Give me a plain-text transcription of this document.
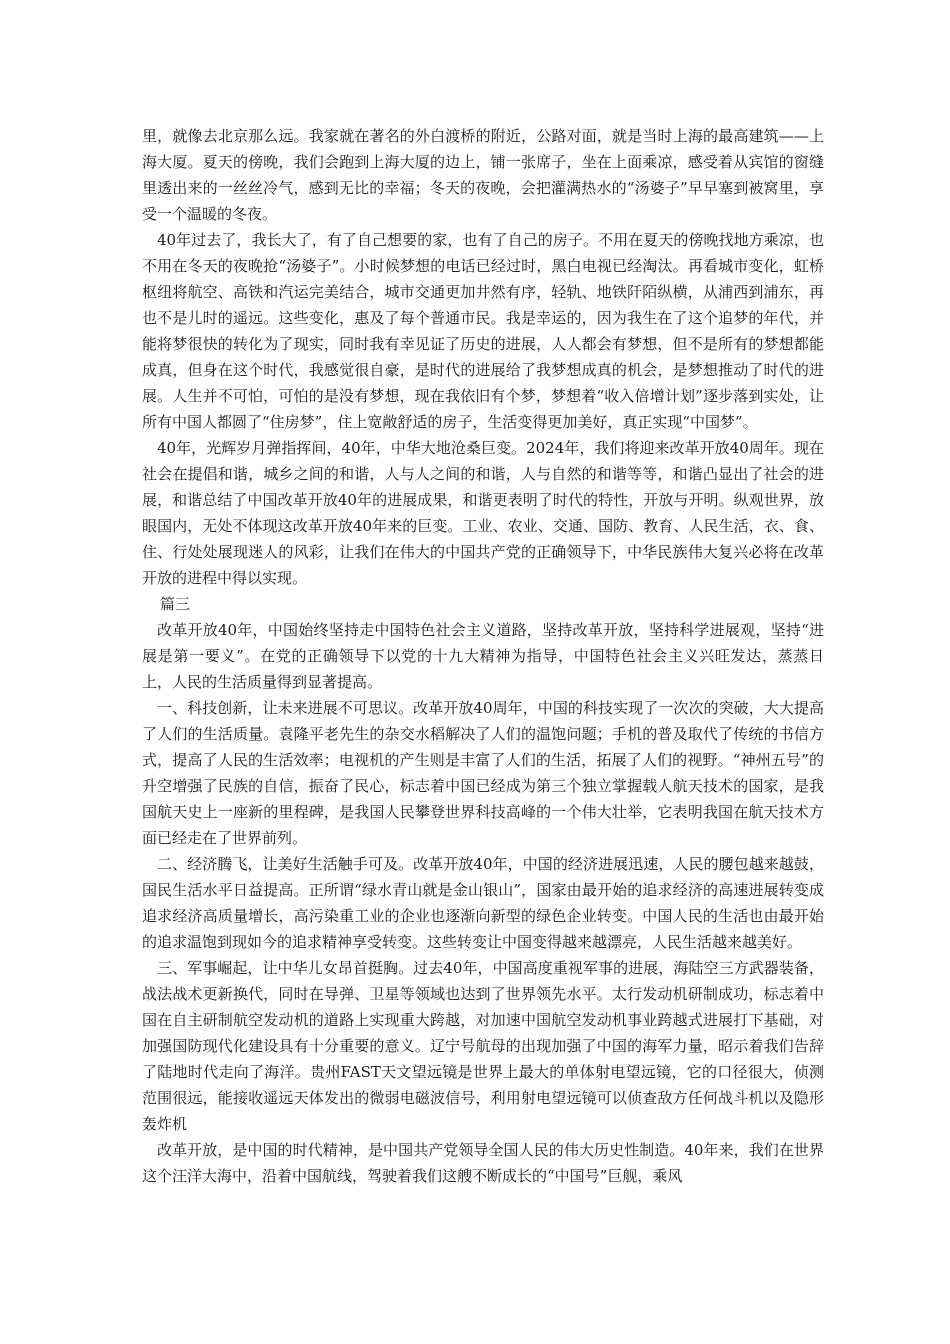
里，就像去北京那么远。我家就在著名的外白渡桥的附近，公路对面，就是当时上海的最高建筑——上海大厦。夏天的傍晚，我们会跑到上海大厦的边上，铺一张席子，坐在上面乘凉，感受着从宾馆的窗缝里透出来的一丝丝冷气，感到无比的幸福；冬天的夜晚，会把灌满热水的“汤婆子”早早塞到被窝里，享受一个温暖的冬夜。

40年过去了，我长大了，有了自己想要的家，也有了自己的房子。不用在夏天的傍晚找地方乘凉，也不用在冬天的夜晚抢“汤婆子”。小时候梦想的电话已经过时，黑白电视已经淘汰。再看城市变化，虹桥枢纽将航空、高铁和汽运完美结合，城市交通更加井然有序，轻轨、地铁阡陌纵横，从浦西到浦东，再也不是儿时的遥远。这些变化，惠及了每个普通市民。我是幸运的，因为我生在了这个追梦的年代，并能将梦很快的转化为了现实，同时我有幸见证了历史的进展，人人都会有梦想，但不是所有的梦想都能成真，但身在这个时代，我感觉很自豪，是时代的进展给了我梦想成真的机会，是梦想推动了时代的进展。人生并不可怕，可怕的是没有梦想，现在我依旧有个梦，梦想着“收入倍增计划”逐步落到实处，让所有中国人都圆了“住房梦”，住上宽敞舒适的房子，生活变得更加美好，真正实现“中国梦”。

40年，光辉岁月弹指挥间，40年，中华大地沧桑巨变。2024年，我们将迎来改革开放40周年。现在社会在提倡和谐，城乡之间的和谐，人与人之间的和谐，人与自然的和谐等等，和谐凸显出了社会的进展，和谐总结了中国改革开放40年的进展成果，和谐更表明了时代的特性，开放与开明。纵观世界，放眼国内，无处不体现这改革开放40年来的巨变。工业、农业、交通、国防、教育、人民生活，衣、食、住、行处处展现迷人的风彩，让我们在伟大的中国共产党的正确领导下，中华民族伟大复兴必将在改革开放的进程中得以实现。

篇三

改革开放40年，中国始终坚持走中国特色社会主义道路，坚持改革开放，坚持科学进展观，坚持“进展是第一要义”。在党的正确领导下以党的十九大精神为指导，中国特色社会主义兴旺发达，蒸蒸日上，人民的生活质量得到显著提高。

一、科技创新，让未来进展不可思议。改革开放40周年，中国的科技实现了一次次的突破，大大提高了人们的生活质量。袁隆平老先生的杂交水稻解决了人们的温饱问题；手机的普及取代了传统的书信方式，提高了人民的生活效率；电视机的产生则是丰富了人们的生活，拓展了人们的视野。“神州五号”的升空增强了民族的自信，振奋了民心，标志着中国已经成为第三个独立掌握载人航天技术的国家，是我国航天史上一座新的里程碑，是我国人民攀登世界科技高峰的一个伟大壮举，它表明我国在航天技术方面已经走在了世界前列。

二、经济腾飞，让美好生活触手可及。改革开放40年，中国的经济进展迅速，人民的腰包越来越鼓，国民生活水平日益提高。正所谓“绿水青山就是金山银山”，国家由最开始的追求经济的高速进展转变成追求经济高质量增长，高污染重工业的企业也逐渐向新型的绿色企业转变。中国人民的生活也由最开始的追求温饱到现如今的追求精神享受转变。这些转变让中国变得越来越漂亮，人民生活越来越美好。

三、军事崛起，让中华儿女昂首挺胸。过去40年，中国高度重视军事的进展，海陆空三方武器装备，战法战术更新换代，同时在导弹、卫星等领域也达到了世界领先水平。太行发动机研制成功，标志着中国在自主研制航空发动机的道路上实现重大跨越，对加速中国航空发动机事业跨越式进展打下基础，对加强国防现代化建设具有十分重要的意义。辽宁号航母的出现加强了中国的海军力量，昭示着我们告辞了陆地时代走向了海洋。贵州FAST天文望远镜是世界上最大的单体射电望远镜，它的口径很大，侦测范围很远，能接收遥远天体发出的微弱电磁波信号，利用射电望远镜可以侦查敌方任何战斗机以及隐形轰炸机

改革开放，是中国的时代精神，是中国共产党领导全国人民的伟大历史性制造。40年来，我们在世界这个汪洋大海中，沿着中国航线，驾驶着我们这艘不断成长的“中国号”巨舰，乘风
